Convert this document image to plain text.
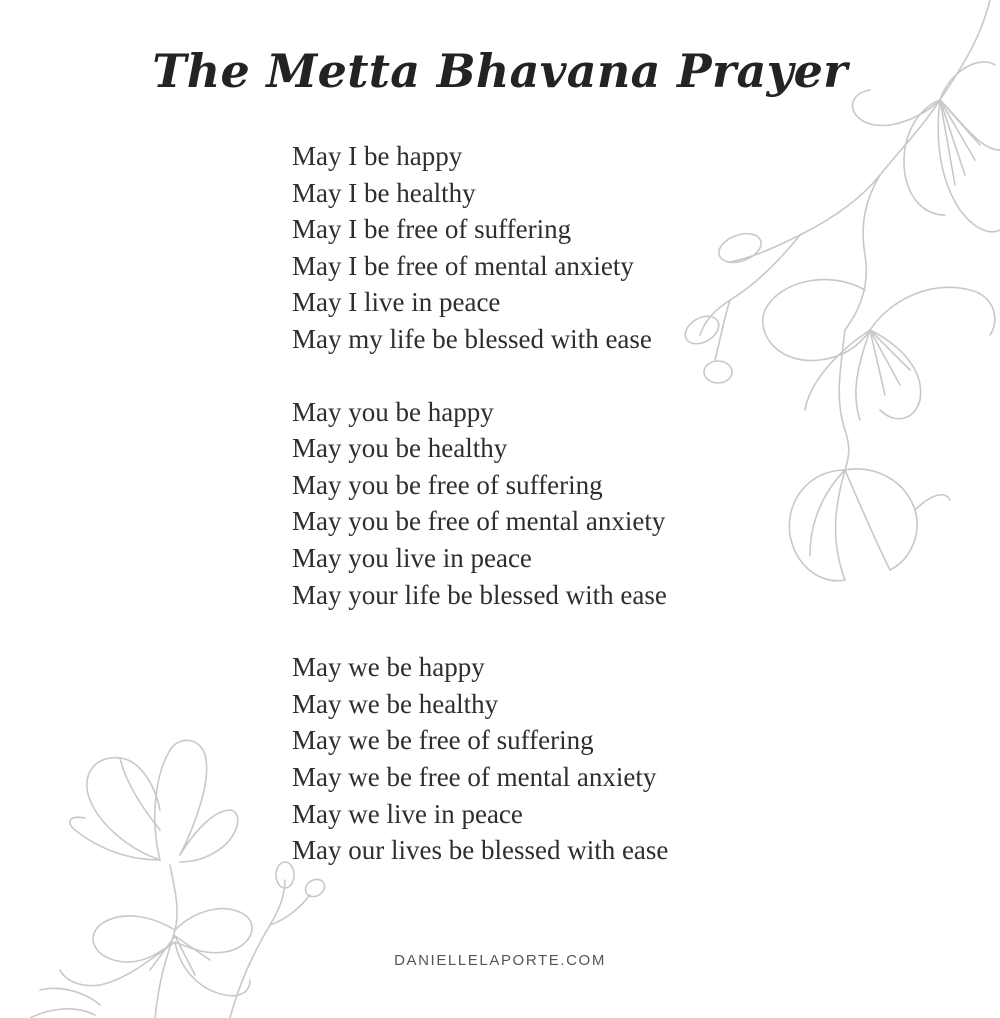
The Metta Bhavana Prayer
May I be happy
May I be healthy
May I be free of suffering
May I be free of mental anxiety
May I live in peace
May my life be blessed with ease
May you be happy
May you be healthy
May you be free of suffering
May you be free of mental anxiety
May you live in peace
May your life be blessed with ease
May we be happy
May we be healthy
May we be free of suffering
May we be free of mental anxiety
May we live in peace
May our lives be blessed with ease
DANIELLELAPORTE.COM
